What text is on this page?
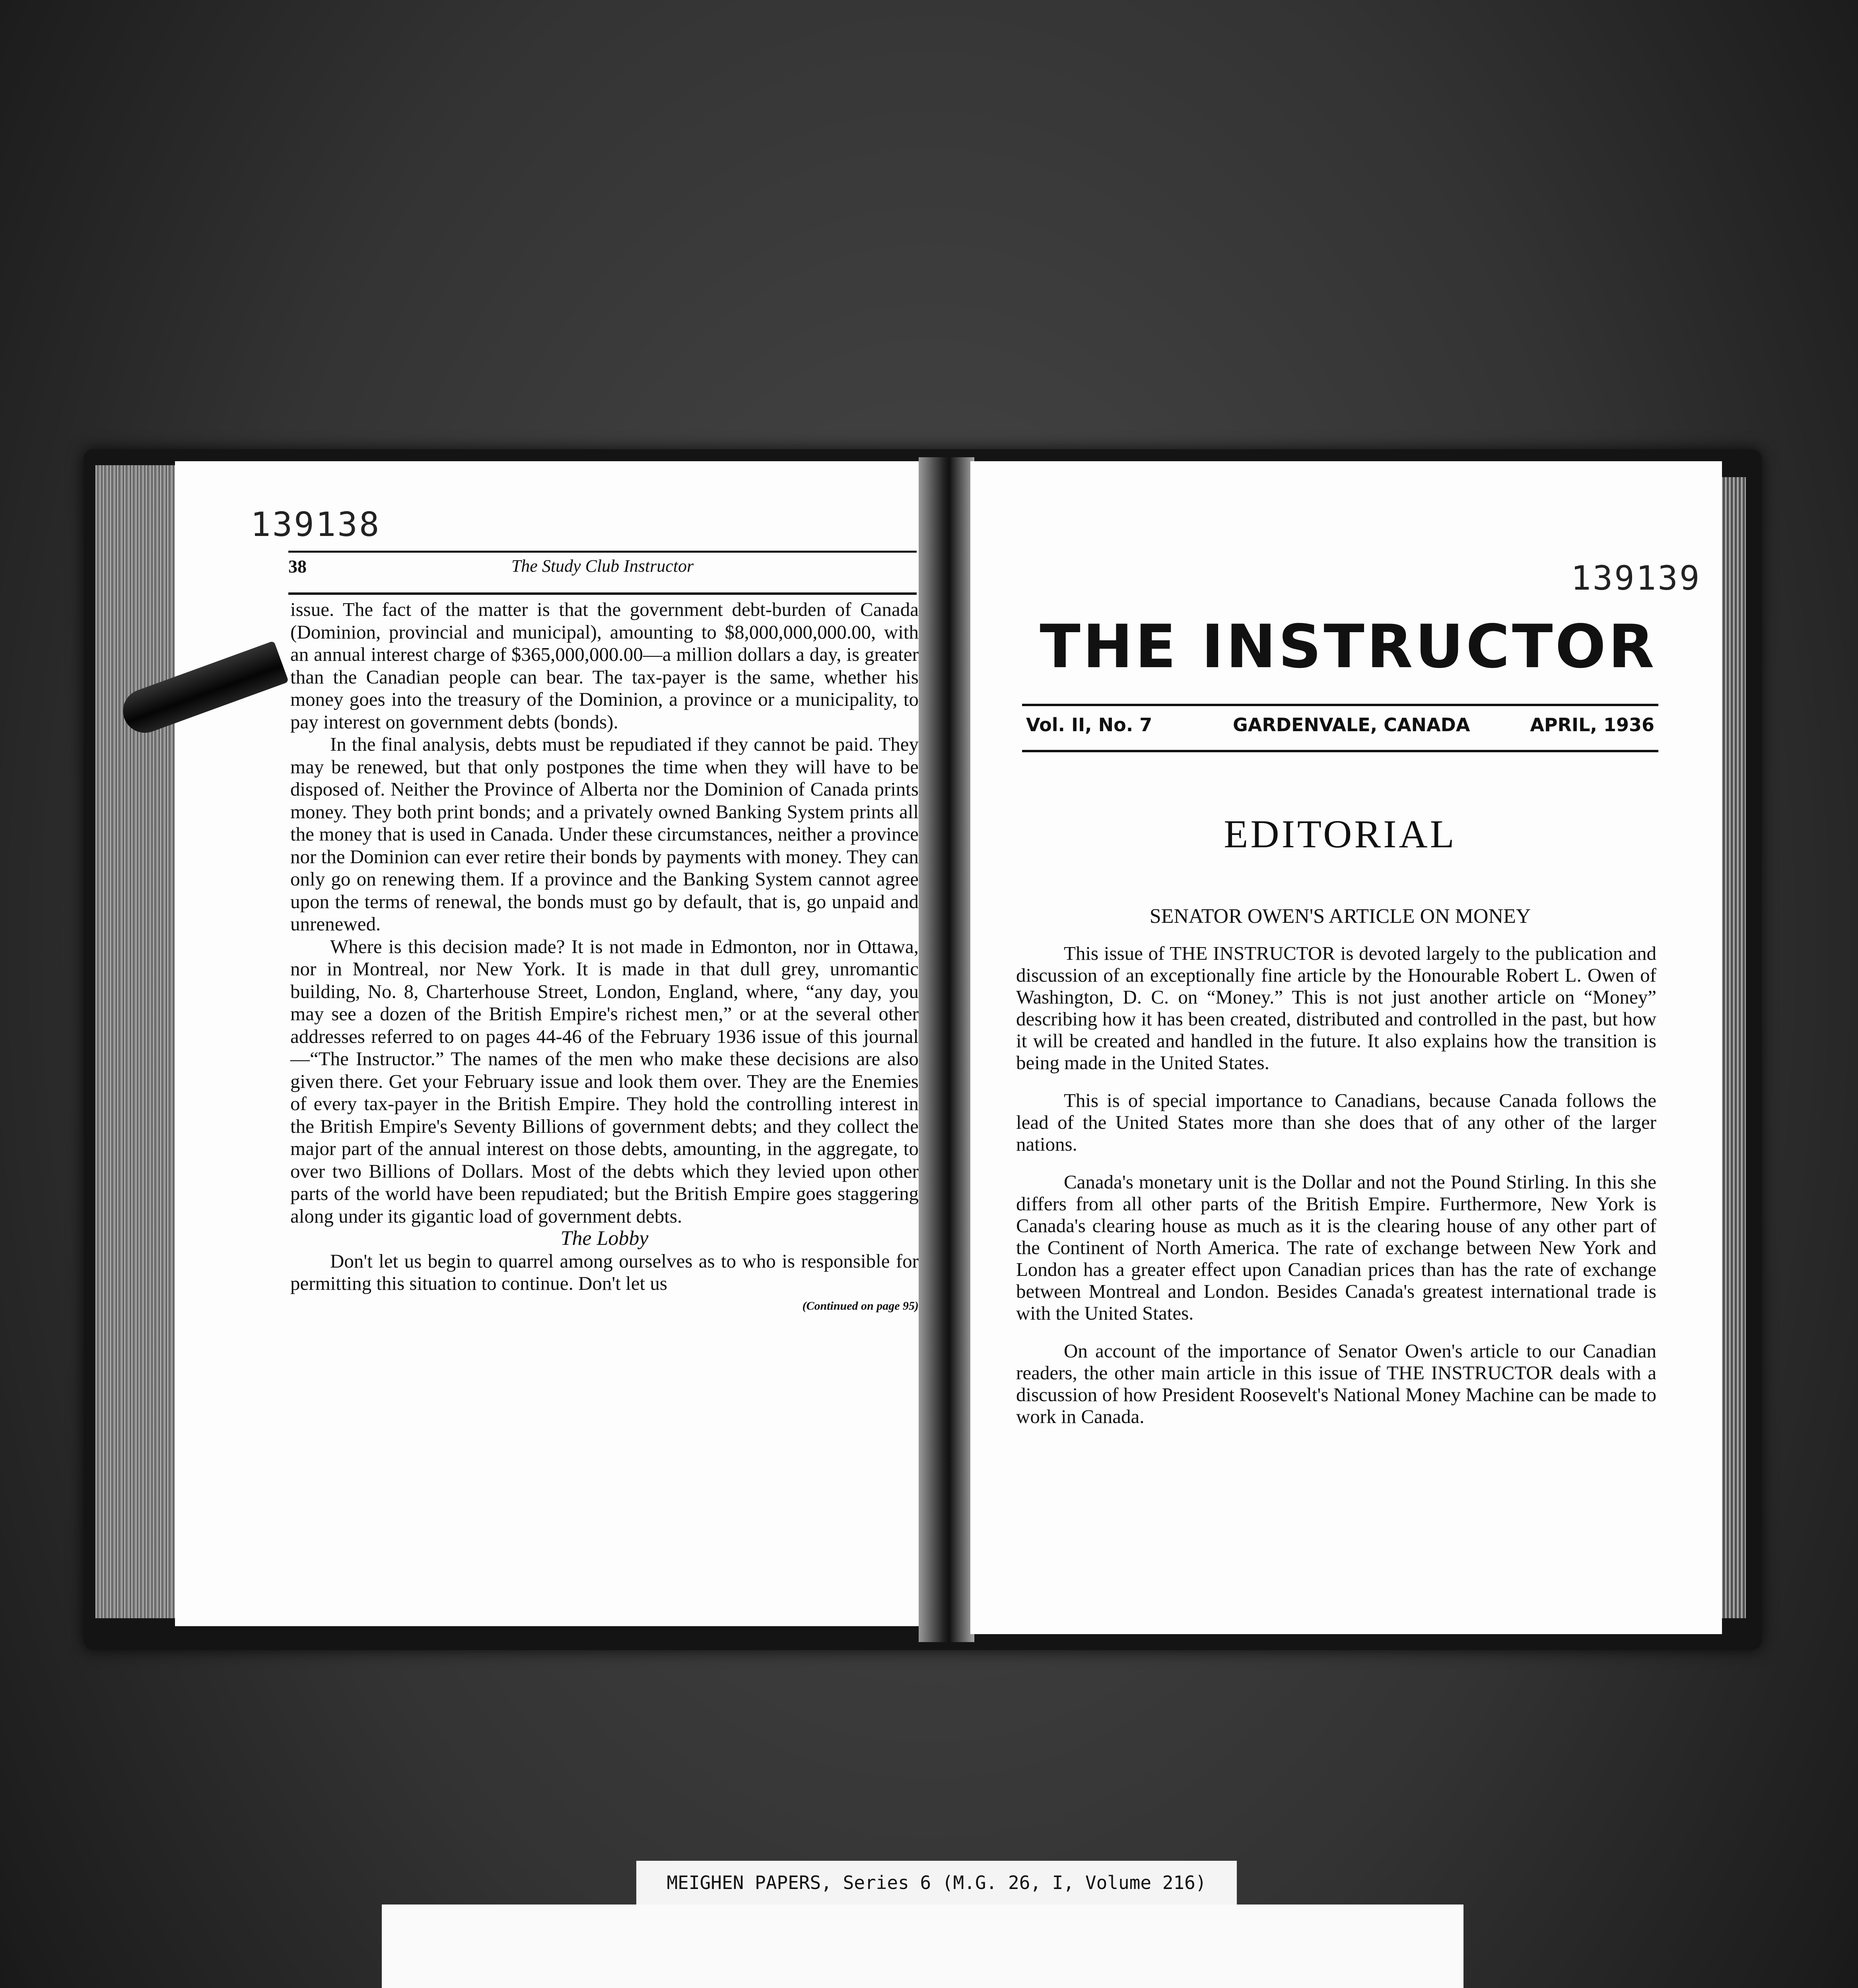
139138
38	The Study Club Instructor

issue. The fact of the matter is that the government debt-burden of Canada (Dominion, provincial and municipal), amounting to $8,000,000,000.00, with an annual interest charge of $365,000,000.00—a million dollars a day, is greater than the Canadian people can bear. The tax-payer is the same, whether his money goes into the treasury of the Dominion, a province or a municipality, to pay interest on government debts (bonds).

In the final analysis, debts must be repudiated if they cannot be paid. They may be renewed, but that only postpones the time when they will have to be disposed of. Neither the Province of Alberta nor the Dominion of Canada prints money. They both print bonds; and a privately owned Banking System prints all the money that is used in Canada. Under these circumstances, neither a province nor the Dominion can ever retire their bonds by payments with money. They can only go on renewing them. If a province and the Banking System cannot agree upon the terms of renewal, the bonds must go by default, that is, go unpaid and unrenewed.

Where is this decision made? It is not made in Edmonton, nor in Ottawa, nor in Montreal, nor New York. It is made in that dull grey, unromantic building, No. 8, Charterhouse Street, London, England, where, “any day, you may see a dozen of the British Empire's richest men,” or at the several other addresses referred to on pages 44-46 of the February 1936 issue of this journal—“The Instructor.” The names of the men who make these decisions are also given there. Get your February issue and look them over. They are the Enemies of every tax-payer in the British Empire. They hold the controlling interest in the British Empire's Seventy Billions of government debts; and they collect the major part of the annual interest on those debts, amounting, in the aggregate, to over two Billions of Dollars. Most of the debts which they levied upon other parts of the world have been repudiated; but the British Empire goes staggering along under its gigantic load of government debts.

The Lobby

Don't let us begin to quarrel among ourselves as to who is responsible for permitting this situation to continue. Don't let us

(Continued on page 95)

139139
THE INSTRUCTOR
Vol. II, No. 7	GARDENVALE, CANADA	APRIL, 1936
EDITORIAL
SENATOR OWEN'S ARTICLE ON MONEY

This issue of THE INSTRUCTOR is devoted largely to the publication and discussion of an exceptionally fine article by the Honourable Robert L. Owen of Washington, D. C. on “Money.” This is not just another article on “Money” describing how it has been created, distributed and controlled in the past, but how it will be created and handled in the future. It also explains how the transition is being made in the United States.

This is of special importance to Canadians, because Canada follows the lead of the United States more than she does that of any other of the larger nations.

Canada's monetary unit is the Dollar and not the Pound Stirling. In this she differs from all other parts of the British Empire. Furthermore, New York is Canada's clearing house as much as it is the clearing house of any other part of the Continent of North America. The rate of exchange between New York and London has a greater effect upon Canadian prices than has the rate of exchange between Montreal and London. Besides Canada's greatest international trade is with the United States.

On account of the importance of Senator Owen's article to our Canadian readers, the other main article in this issue of THE INSTRUCTOR deals with a discussion of how President Roosevelt's National Money Machine can be made to work in Canada.

MEIGHEN PAPERS, Series 6 (M.G. 26, I, Volume 216)
